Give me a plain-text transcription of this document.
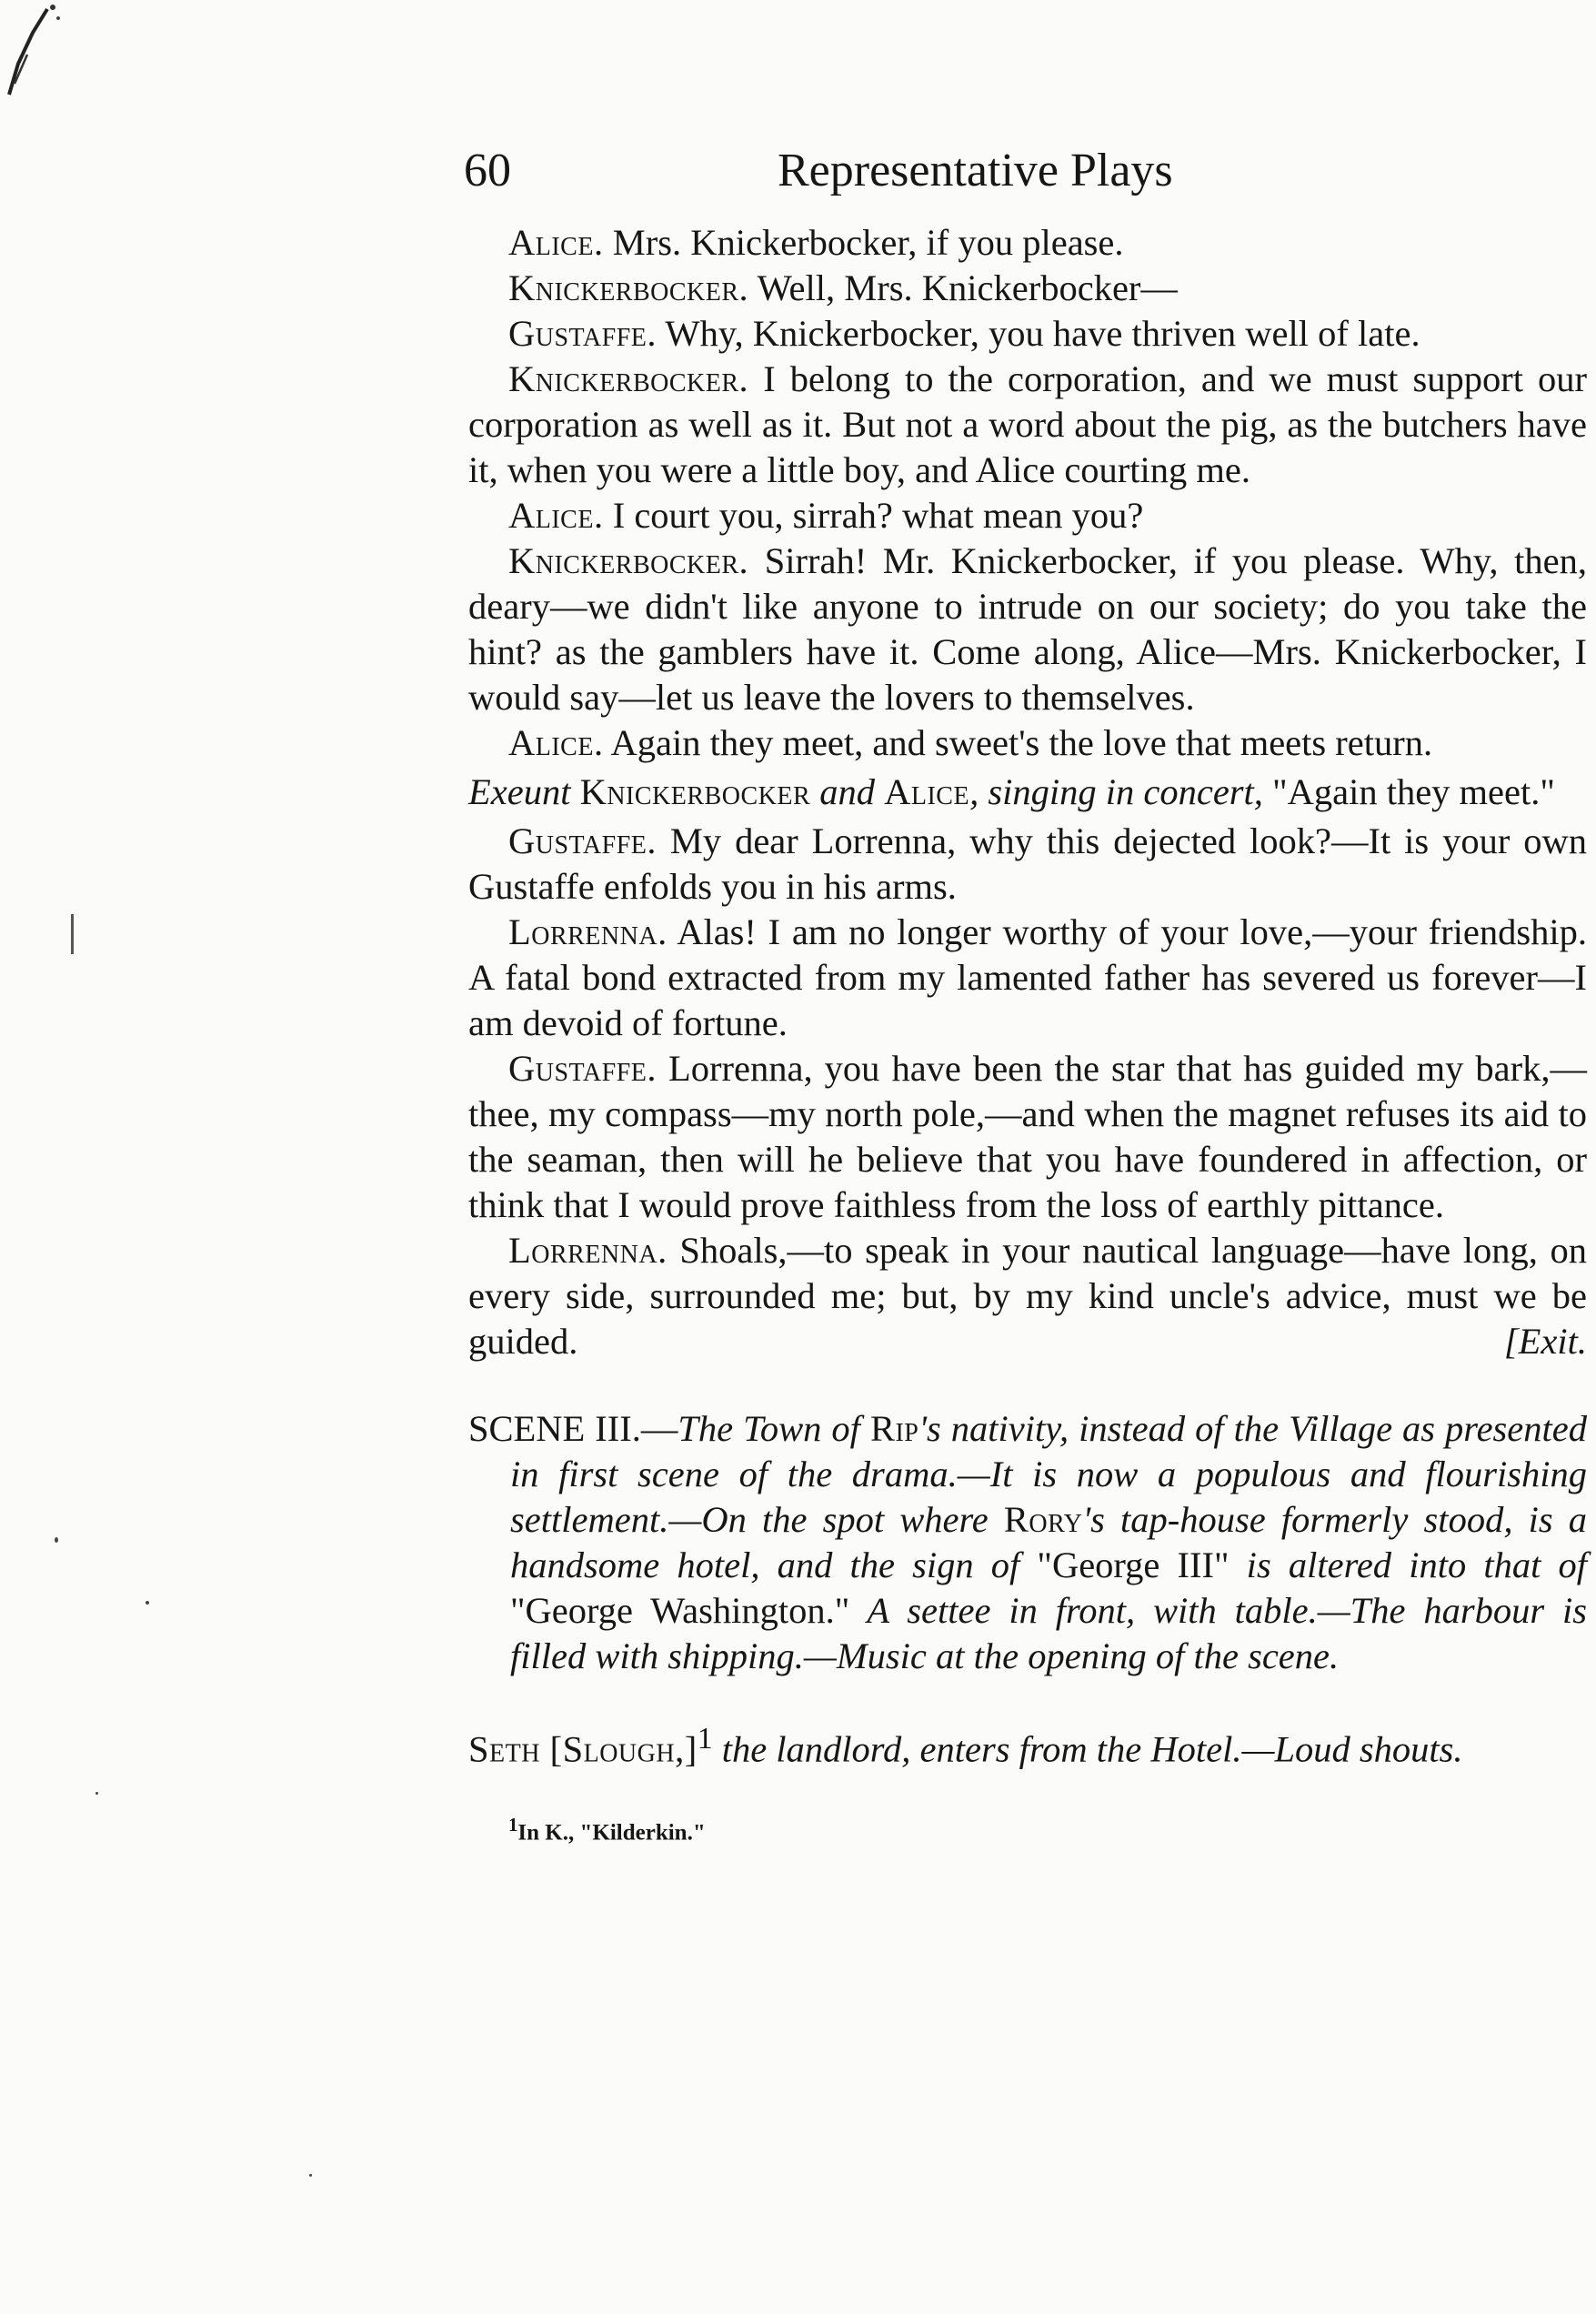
60	Representative Plays

Alice. Mrs. Knickerbocker, if you please.

Knickerbocker. Well, Mrs. Knickerbocker—

Gustaffe. Why, Knickerbocker, you have thriven well of late.

Knickerbocker. I belong to the corporation, and we must support our corporation as well as it. But not a word about the pig, as the butchers have it, when you were a little boy, and Alice courting me.

Alice. I court you, sirrah? what mean you?

Knickerbocker. Sirrah! Mr. Knickerbocker, if you please. Why, then, deary—we didn't like anyone to intrude on our society; do you take the hint? as the gamblers have it. Come along, Alice—Mrs. Knickerbocker, I would say—let us leave the lovers to themselves.

Alice. Again they meet, and sweet's the love that meets return.

Exeunt Knickerbocker and Alice, singing in concert, "Again they meet."

Gustaffe. My dear Lorrenna, why this dejected look?—It is your own Gustaffe enfolds you in his arms.

Lorrenna. Alas! I am no longer worthy of your love,—your friendship. A fatal bond extracted from my lamented father has severed us forever—I am devoid of fortune.

Gustaffe. Lorrenna, you have been the star that has guided my bark,—thee, my compass—my north pole,—and when the magnet refuses its aid to the seaman, then will he believe that you have foundered in affection, or think that I would prove faithless from the loss of earthly pittance.

Lorrenna. Shoals,—to speak in your nautical language—have long, on every side, surrounded me; but, by my kind uncle's advice, must we be guided.	[Exit.

SCENE III.—The Town of Rip's nativity, instead of the Village as presented in first scene of the drama.—It is now a populous and flourishing settlement.—On the spot where Rory's tap-house formerly stood, is a handsome hotel, and the sign of "George III" is altered into that of "George Washington." A settee in front, with table.—The harbour is filled with shipping.—Music at the opening of the scene.

Seth [Slough,]$^1$ the landlord, enters from the Hotel.—Loud shouts.

$^1$In K., "Kilderkin."
